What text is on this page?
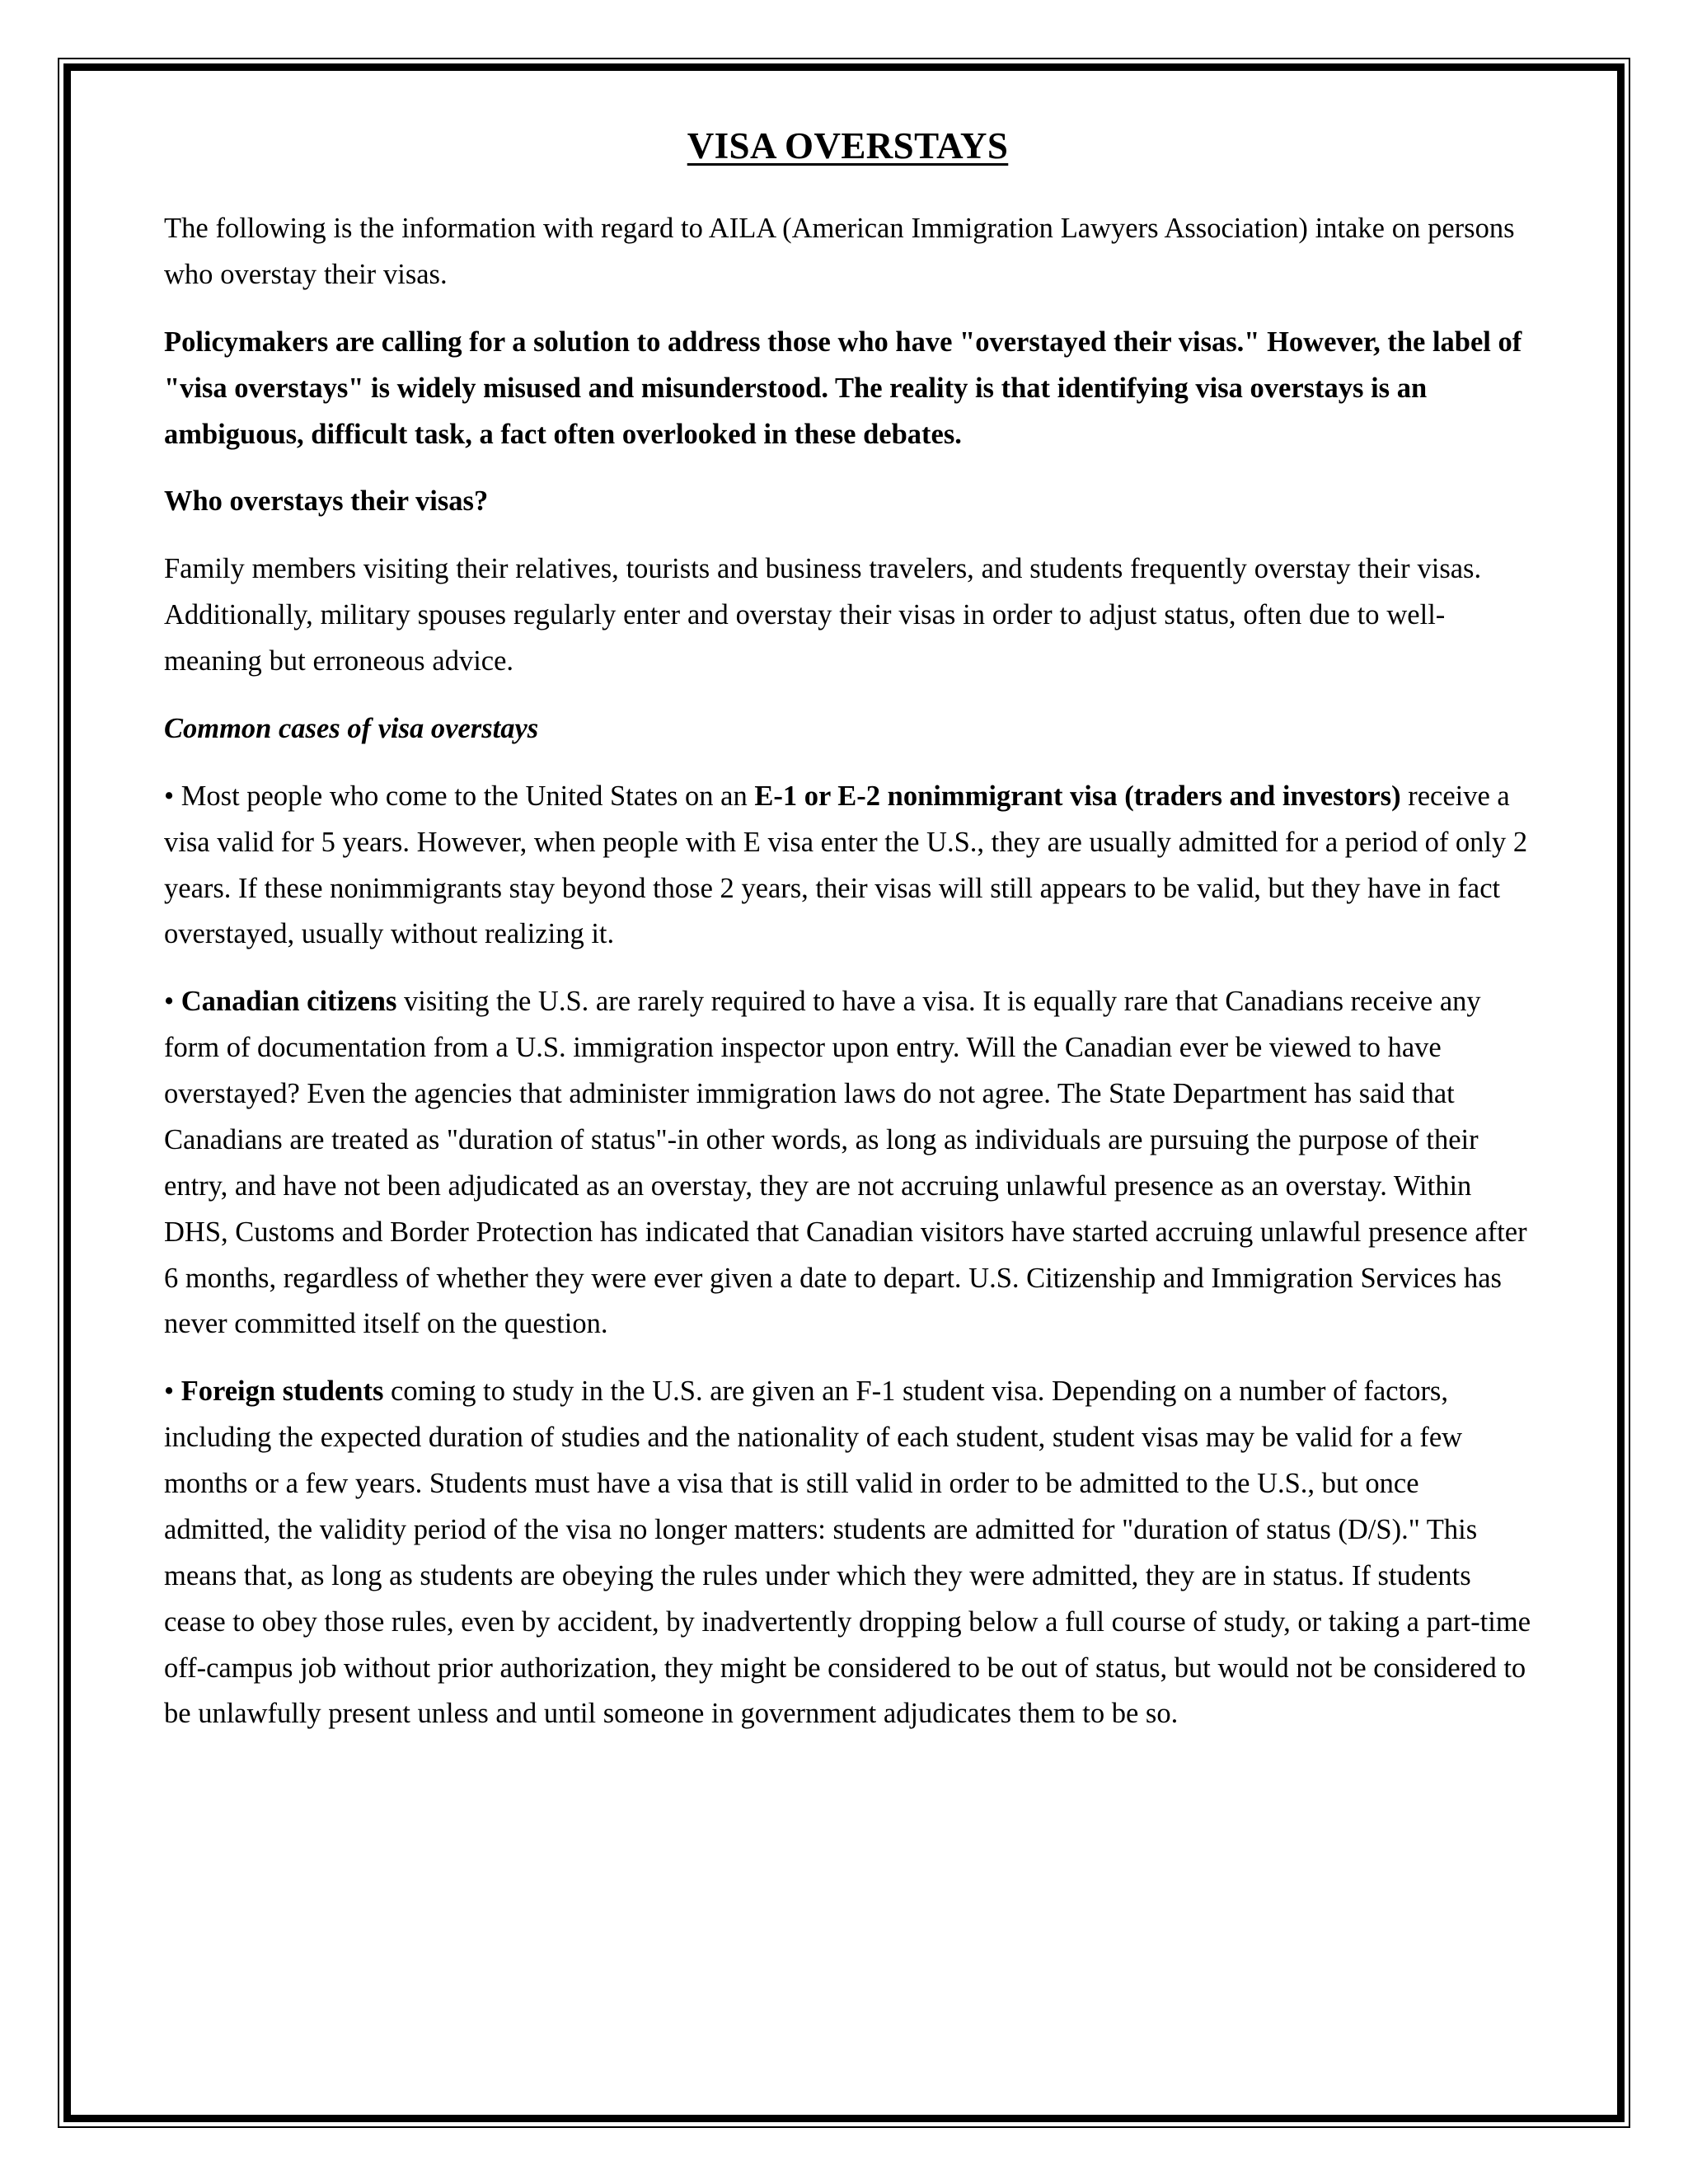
VISA OVERSTAYS

The following is the information with regard to AILA (American Immigration Lawyers Association) intake on persons who overstay their visas.

Policymakers are calling for a solution to address those who have "overstayed their visas." However, the label of "visa overstays" is widely misused and misunderstood. The reality is that identifying visa overstays is an ambiguous, difficult task, a fact often overlooked in these debates.

Who overstays their visas?

Family members visiting their relatives, tourists and business travelers, and students frequently overstay their visas. Additionally, military spouses regularly enter and overstay their visas in order to adjust status, often due to well-meaning but erroneous advice.

Common cases of visa overstays

• Most people who come to the United States on an E-1 or E-2 nonimmigrant visa (traders and investors) receive a visa valid for 5 years. However, when people with E visa enter the U.S., they are usually admitted for a period of only 2 years. If these nonimmigrants stay beyond those 2 years, their visas will still appears to be valid, but they have in fact overstayed, usually without realizing it.

• Canadian citizens visiting the U.S. are rarely required to have a visa. It is equally rare that Canadians receive any form of documentation from a U.S. immigration inspector upon entry. Will the Canadian ever be viewed to have overstayed? Even the agencies that administer immigration laws do not agree. The State Department has said that Canadians are treated as "duration of status"-in other words, as long as individuals are pursuing the purpose of their entry, and have not been adjudicated as an overstay, they are not accruing unlawful presence as an overstay. Within DHS, Customs and Border Protection has indicated that Canadian visitors have started accruing unlawful presence after 6 months, regardless of whether they were ever given a date to depart. U.S. Citizenship and Immigration Services has never committed itself on the question.

• Foreign students coming to study in the U.S. are given an F-1 student visa. Depending on a number of factors, including the expected duration of studies and the nationality of each student, student visas may be valid for a few months or a few years. Students must have a visa that is still valid in order to be admitted to the U.S., but once admitted, the validity period of the visa no longer matters: students are admitted for "duration of status (D/S)." This means that, as long as students are obeying the rules under which they were admitted, they are in status. If students cease to obey those rules, even by accident, by inadvertently dropping below a full course of study, or taking a part-time off-campus job without prior authorization, they might be considered to be out of status, but would not be considered to be unlawfully present unless and until someone in government adjudicates them to be so.
